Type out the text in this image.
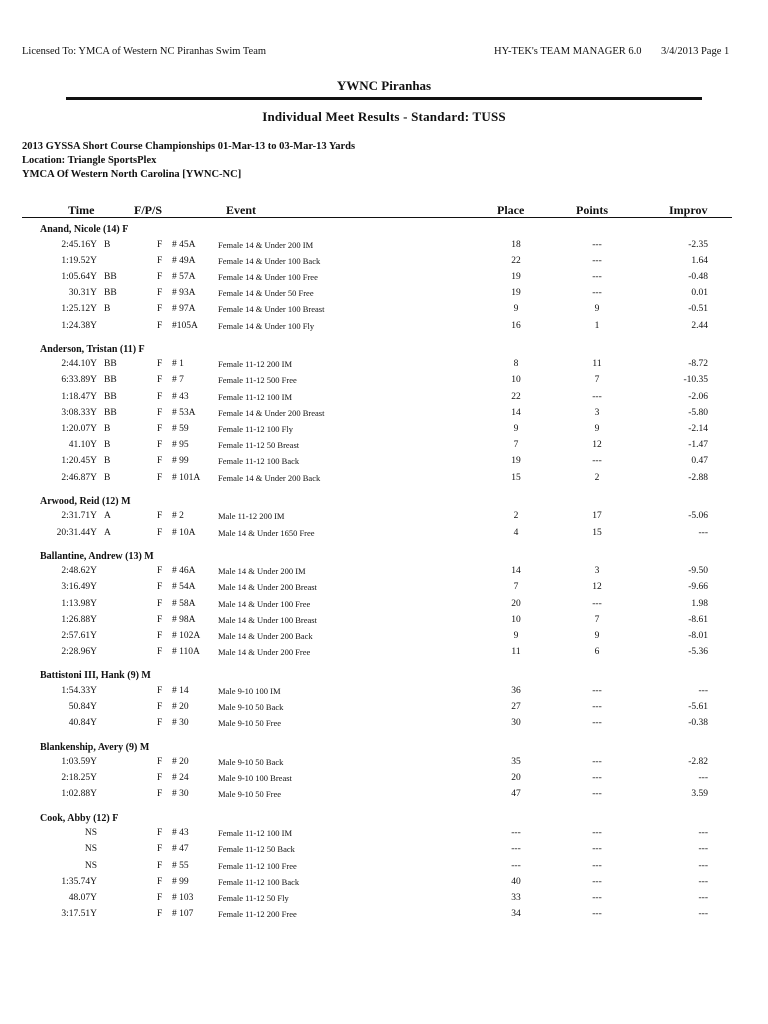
Licensed To: YMCA of Western NC Piranhas Swim Team	HY-TEK's TEAM MANAGER 6.0 3/4/2013 Page 1
YWNC Piranhas
Individual Meet Results - Standard: TUSS
2013 GYSSA Short Course Championships 01-Mar-13 to 03-Mar-13 Yards
Location: Triangle SportsPlex
YMCA Of Western North Carolina [YWNC-NC]
Time	F/P/S	Event	Place	Points	Improv
Anand, Nicole (14) F
2:45.16Y B	F # 45A	Female 14 & Under 200 IM	18	---	-2.35
1:19.52Y	F # 49A	Female 14 & Under 100 Back	22	---	1.64
1:05.64Y BB	F # 57A	Female 14 & Under 100 Free	19	---	-0.48
30.31Y BB	F # 93A	Female 14 & Under 50 Free	19	---	0.01
1:25.12Y B	F # 97A	Female 14 & Under 100 Breast	9	9	-0.51
1:24.38Y	F #105A Female 14 & Under 100 Fly	16	1	2.44
Anderson, Tristan (11) F
2:44.10Y BB	F # 1	Female 11-12 200 IM	8	11	-8.72
6:33.89Y BB	F # 7	Female 11-12 500 Free	10	7	-10.35
1:18.47Y BB	F # 43	Female 11-12 100 IM	22	---	-2.06
3:08.33Y BB	F # 53A	Female 14 & Under 200 Breast	14	3	-5.80
1:20.07Y B	F # 59	Female 11-12 100 Fly	9	9	-2.14
41.10Y B	F # 95	Female 11-12 50 Breast	7	12	-1.47
1:20.45Y B	F # 99	Female 11-12 100 Back	19	---	0.47
2:46.87Y B	F # 101A Female 14 & Under 200 Back	15	2	-2.88
Arwood, Reid (12) M
2:31.71Y A	F # 2	Male 11-12 200 IM	2	17	-5.06
20:31.44Y A	F # 10A	Male 14 & Under 1650 Free	4	15	---
Ballantine, Andrew (13) M
2:48.62Y	F # 46A	Male 14 & Under 200 IM	14	3	-9.50
3:16.49Y	F # 54A	Male 14 & Under 200 Breast	7	12	-9.66
1:13.98Y	F # 58A	Male 14 & Under 100 Free	20	---	1.98
1:26.88Y	F # 98A	Male 14 & Under 100 Breast	10	7	-8.61
2:57.61Y	F # 102A Male 14 & Under 200 Back	9	9	-8.01
2:28.96Y	F # 110A Male 14 & Under 200 Free	11	6	-5.36
Battistoni III, Hank (9) M
1:54.33Y	F # 14	Male 9-10 100 IM	36	---	---
50.84Y	F # 20	Male 9-10 50 Back	27	---	-5.61
40.84Y	F # 30	Male 9-10 50 Free	30	---	-0.38
Blankenship, Avery (9) M
1:03.59Y	F # 20	Male 9-10 50 Back	35	---	-2.82
2:18.25Y	F # 24	Male 9-10 100 Breast	20	---	---
1:02.88Y	F # 30	Male 9-10 50 Free	47	---	3.59
Cook, Abby (12) F
NS	F # 43	Female 11-12 100 IM	---	---	---
NS	F # 47	Female 11-12 50 Back	---	---	---
NS	F # 55	Female 11-12 100 Free	---	---	---
1:35.74Y	F # 99	Female 11-12 100 Back	40	---	---
48.07Y	F # 103	Female 11-12 50 Fly	33	---	---
3:17.51Y	F # 107	Female 11-12 200 Free	34	---	---
